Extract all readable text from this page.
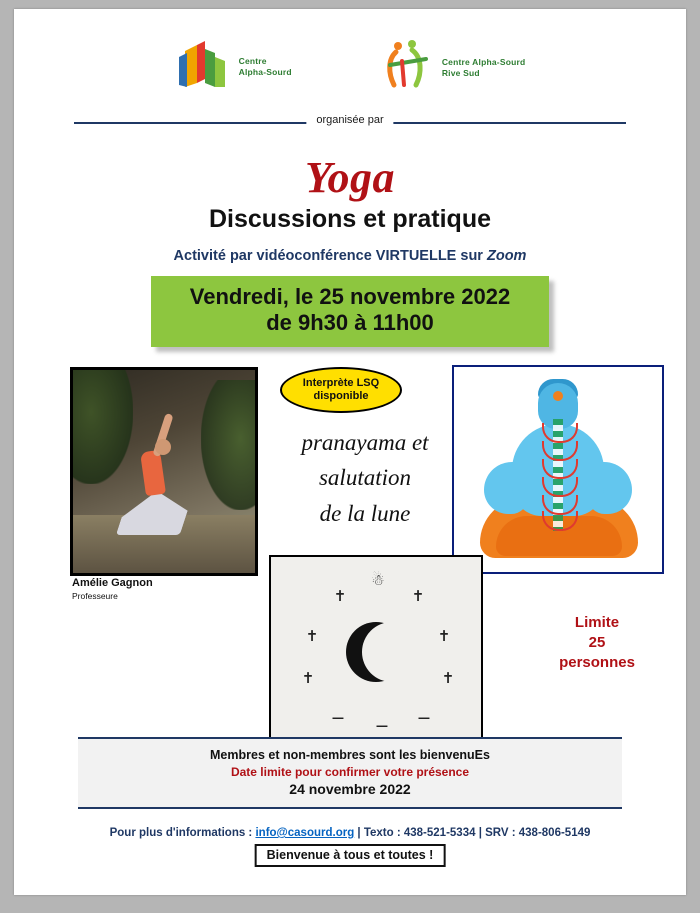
Centre
Alpha-Sourd
Centre Alpha-Sourd
Rive Sud
organisée par
Yoga
Discussions et pratique
Activité par vidéoconférence VIRTUELLE sur Zoom
Vendredi, le 25 novembre 2022
de 9h30 à 11h00
Amélie Gagnon
Professeure
Interprète LSQ
disponible
pranayama et
salutation
de la lune
☃
✝	✝
✝	✝
✝	✝
⚊ ⚊ ⚊
Limite
25
personnes
Membres et non-membres sont les bienvenuEs
Date limite pour confirmer votre présence
24 novembre 2022
Pour plus d'informations : info@casourd.org | Texto : 438-521-5334 | SRV : 438-806-5149
Bienvenue à tous et toutes !
